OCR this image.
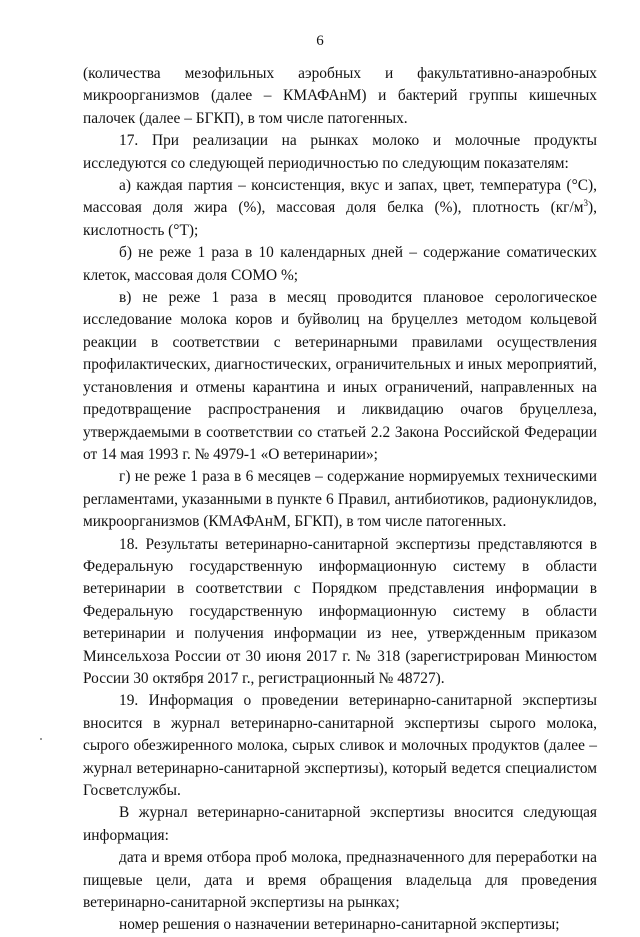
6

(количества мезофильных аэробных и факультативно-анаэробных микроорганизмов (далее – КМАФАнМ) и бактерий группы кишечных палочек (далее – БГКП), в том числе патогенных.

17. При реализации на рынках молоко и молочные продукты исследуются со следующей периодичностью по следующим показателям:

а) каждая партия – консистенция, вкус и запах, цвет, температура (°С), массовая доля жира (%), массовая доля белка (%), плотность $(кг/м^3)$, кислотность (°Т);

б) не реже 1 раза в 10 календарных дней – содержание соматических клеток, массовая доля СОМО %;

в) не реже 1 раза в месяц проводится плановое серологическое исследование молока коров и буйволиц на бруцеллез методом кольцевой реакции в соответствии с ветеринарными правилами осуществления профилактических, диагностических, ограничительных и иных мероприятий, установления и отмены карантина и иных ограничений, направленных на предотвращение распространения и ликвидацию очагов бруцеллеза, утверждаемыми в соответствии со статьей 2.2 Закона Российской Федерации от 14 мая 1993 г. № 4979-1 «О ветеринарии»;

г) не реже 1 раза в 6 месяцев – содержание нормируемых техническими регламентами, указанными в пункте 6 Правил, антибиотиков, радионуклидов, микроорганизмов (КМАФАнМ, БГКП), в том числе патогенных.

18. Результаты ветеринарно-санитарной экспертизы представляются в Федеральную государственную информационную систему в области ветеринарии в соответствии с Порядком представления информации в Федеральную государственную информационную систему в области ветеринарии и получения информации из нее, утвержденным приказом Минсельхоза России от 30 июня 2017 г. № 318 (зарегистрирован Минюстом России 30 октября 2017 г., регистрационный № 48727).

19. Информация о проведении ветеринарно-санитарной экспертизы вносится в журнал ветеринарно-санитарной экспертизы сырого молока, сырого обезжиренного молока, сырых сливок и молочных продуктов (далее – журнал ветеринарно-санитарной экспертизы), который ведется специалистом Госветслужбы.

В журнал ветеринарно-санитарной экспертизы вносится следующая информация:

дата и время отбора проб молока, предназначенного для переработки на пищевые цели, дата и время обращения владельца для проведения ветеринарно-санитарной экспертизы на рынках;

номер решения о назначении ветеринарно-санитарной экспертизы;
